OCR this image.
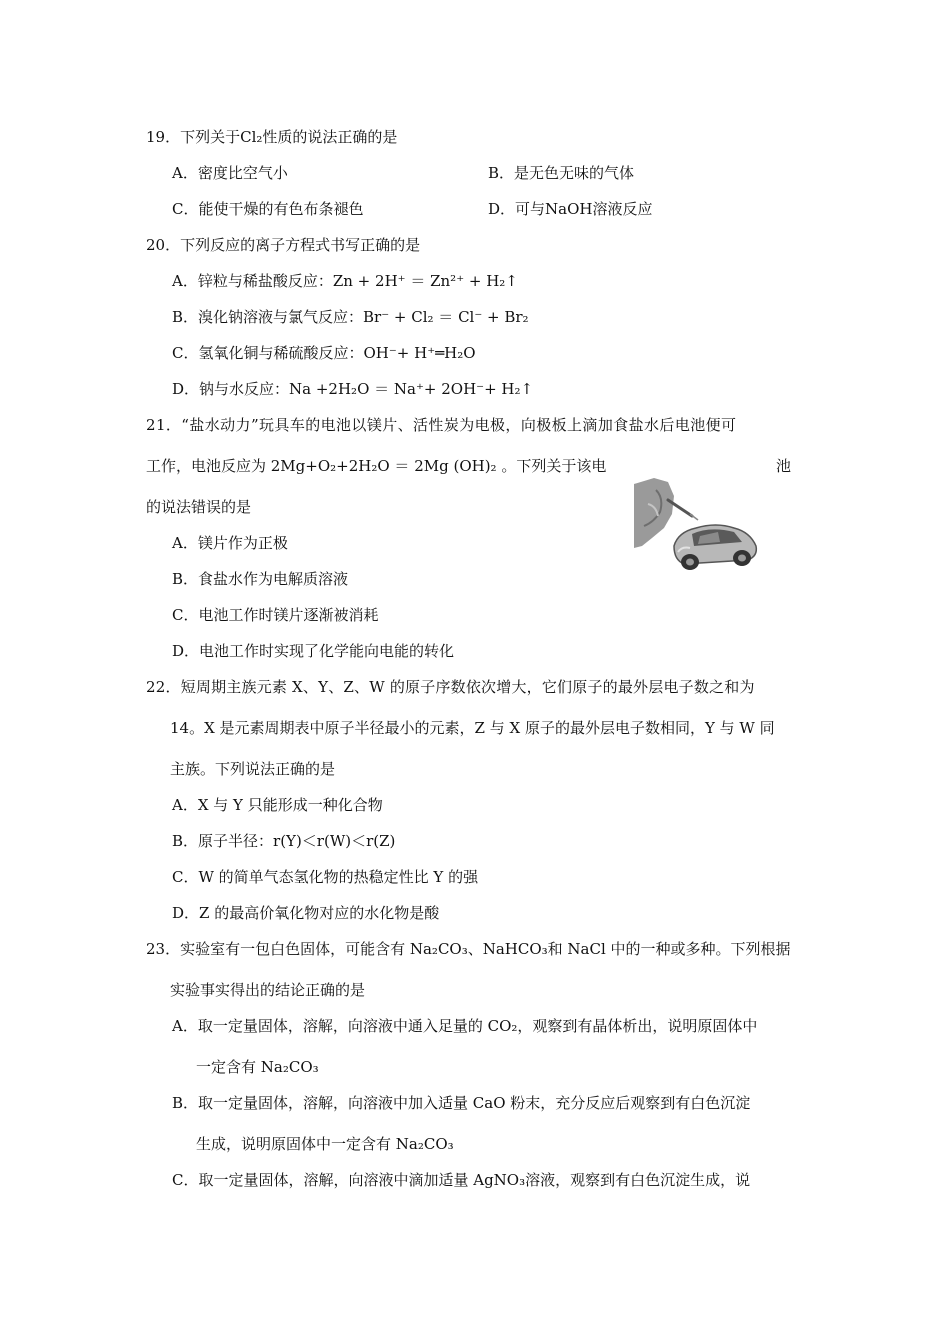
19．下列关于Cl₂性质的说法正确的是
A．密度比空气小	B．是无色无味的气体
C．能使干燥的有色布条褪色	D．可与NaOH溶液反应
20．下列反应的离子方程式书写正确的是
A．锌粒与稀盐酸反应：Zn + 2H⁺ ＝ Zn²⁺ + H₂↑
B．溴化钠溶液与氯气反应：Br⁻ + Cl₂ ＝ Cl⁻ + Br₂
C．氢氧化铜与稀硫酸反应：OH⁻+ H⁺═H₂O
D．钠与水反应：Na +2H₂O ＝ Na⁺+ 2OH⁻+ H₂↑
21．“盐水动力”玩具车的电池以镁片、活性炭为电极，向极板上滴加食盐水后电池便可
工作，电池反应为 2Mg+O₂+2H₂O ＝ 2Mg (OH)₂ 。下列关于该电	池
的说法错误的是
A．镁片作为正极
B．食盐水作为电解质溶液
C．电池工作时镁片逐渐被消耗
D．电池工作时实现了化学能向电能的转化
22．短周期主族元素 X、Y、Z、W 的原子序数依次增大，它们原子的最外层电子数之和为
14。X 是元素周期表中原子半径最小的元素，Z 与 X 原子的最外层电子数相同，Y 与 W 同
主族。下列说法正确的是
A．X 与 Y 只能形成一种化合物
B．原子半径：r(Y)＜r(W)＜r(Z)
C．W 的简单气态氢化物的热稳定性比 Y 的强
D．Z 的最高价氧化物对应的水化物是酸
23．实验室有一包白色固体，可能含有 Na₂CO₃、NaHCO₃和 NaCl 中的一种或多种。下列根据
实验事实得出的结论正确的是
A．取一定量固体，溶解，向溶液中通入足量的 CO₂，观察到有晶体析出，说明原固体中
一定含有 Na₂CO₃
B．取一定量固体，溶解，向溶液中加入适量 CaO 粉末，充分反应后观察到有白色沉淀
生成，说明原固体中一定含有 Na₂CO₃
C．取一定量固体，溶解，向溶液中滴加适量 AgNO₃溶液，观察到有白色沉淀生成，说
